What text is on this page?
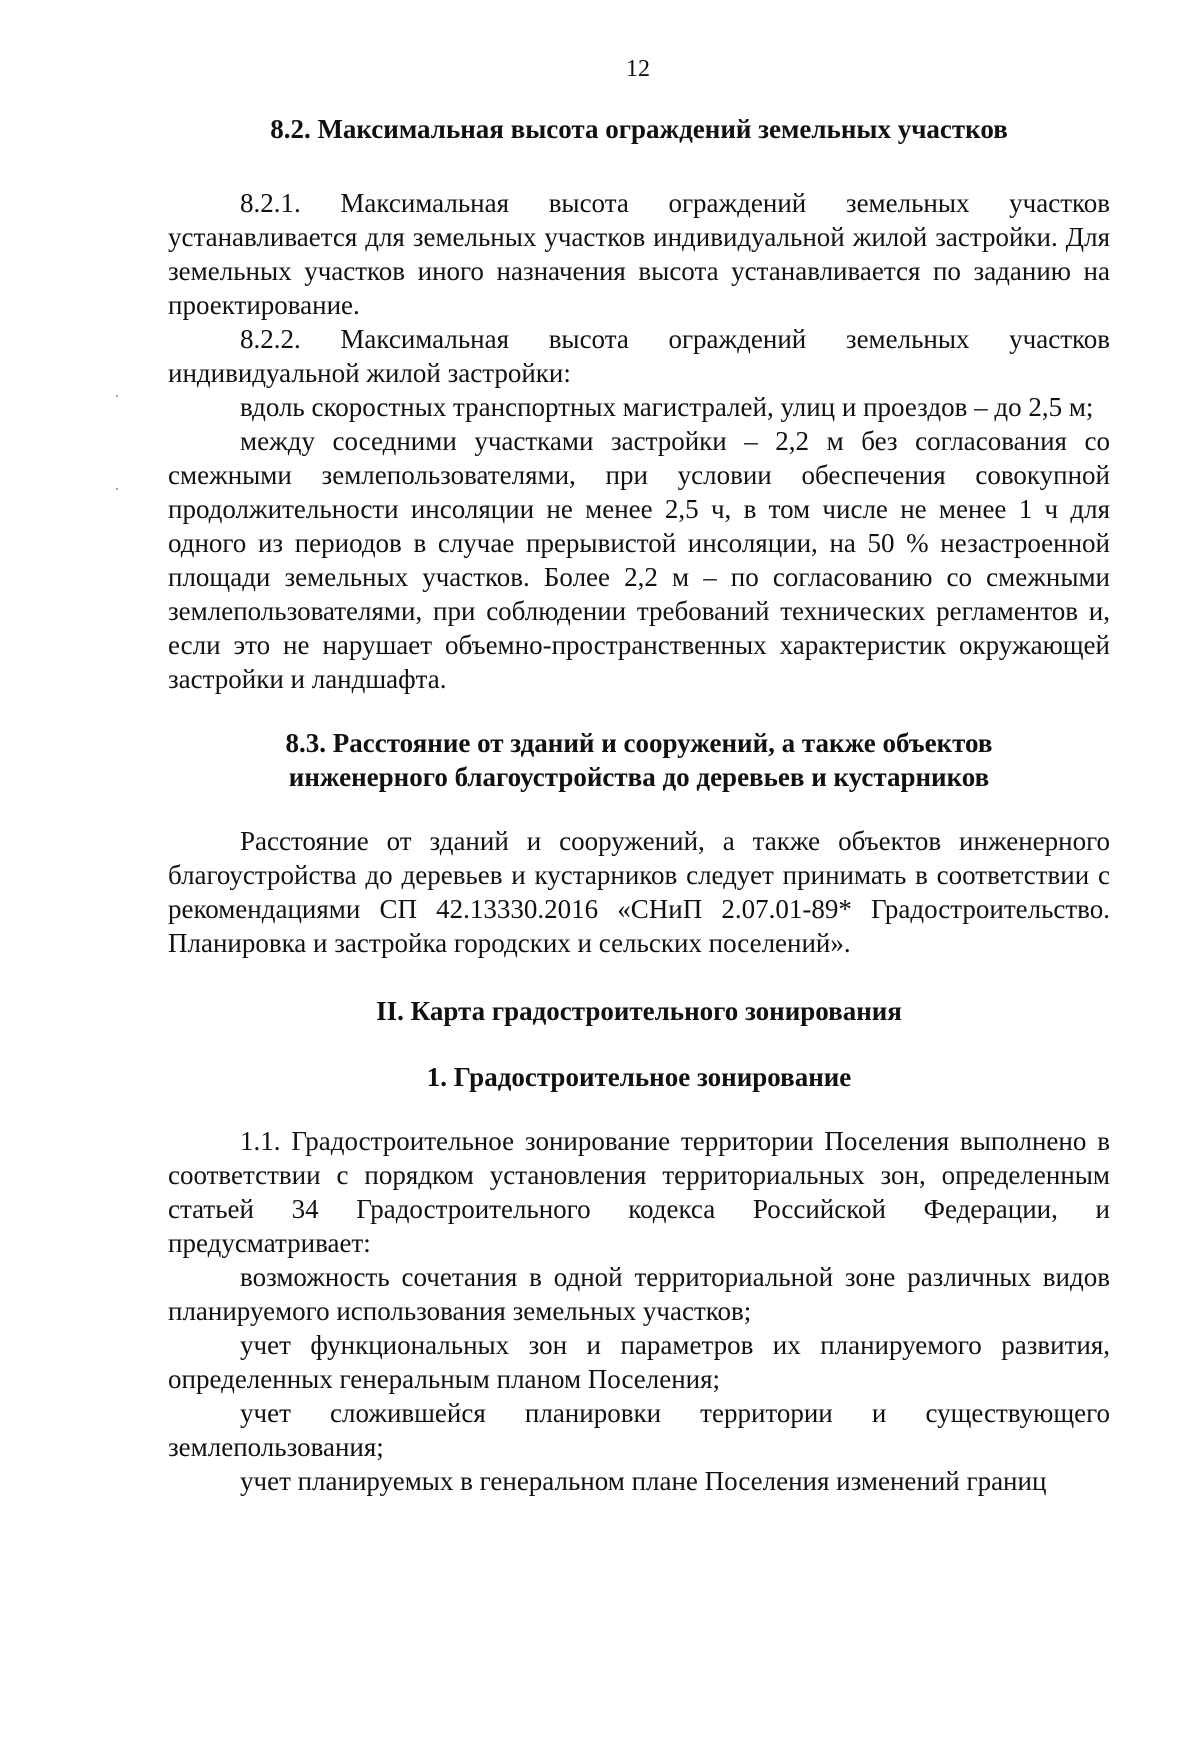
12
8.2. Максимальная высота ограждений земельных участков

8.2.1. Максимальная высота ограждений земельных участков устанавливается для земельных участков индивидуальной жилой застройки. Для земельных участков иного назначения высота устанавливается по заданию на проектирование.

8.2.2. Максимальная высота ограждений земельных участков индивидуальной жилой застройки:

вдоль скоростных транспортных магистралей, улиц и проездов – до 2,5 м;

между соседними участками застройки – 2,2 м без согласования со смежными землепользователями, при условии обеспечения совокупной продолжительности инсоляции не менее 2,5 ч, в том числе не менее 1 ч для одного из периодов в случае прерывистой инсоляции, на 50 % незастроенной площади земельных участков. Более 2,2 м – по согласованию со смежными землепользователями, при соблюдении требований технических регламентов и, если это не нарушает объемно-пространственных характеристик окружающей застройки и ландшафта.

8.3. Расстояние от зданий и сооружений, а также объектов
инженерного благоустройства до деревьев и кустарников

Расстояние от зданий и сооружений, а также объектов инженерного благоустройства до деревьев и кустарников следует принимать в соответствии с рекомендациями СП 42.13330.2016 «СНиП 2.07.01-89* Градостроительство. Планировка и застройка городских и сельских поселений».

II. Карта градостроительного зонирования
1. Градостроительное зонирование

1.1. Градостроительное зонирование территории Поселения выполнено в соответствии с порядком установления территориальных зон, определенным статьей 34 Градостроительного кодекса Российской Федерации, и предусматривает:

возможность сочетания в одной территориальной зоне различных видов планируемого использования земельных участков;

учет функциональных зон и параметров их планируемого развития, определенных генеральным планом Поселения;

учет сложившейся планировки территории и существующего землепользования;

учет планируемых в генеральном плане Поселения изменений границ
